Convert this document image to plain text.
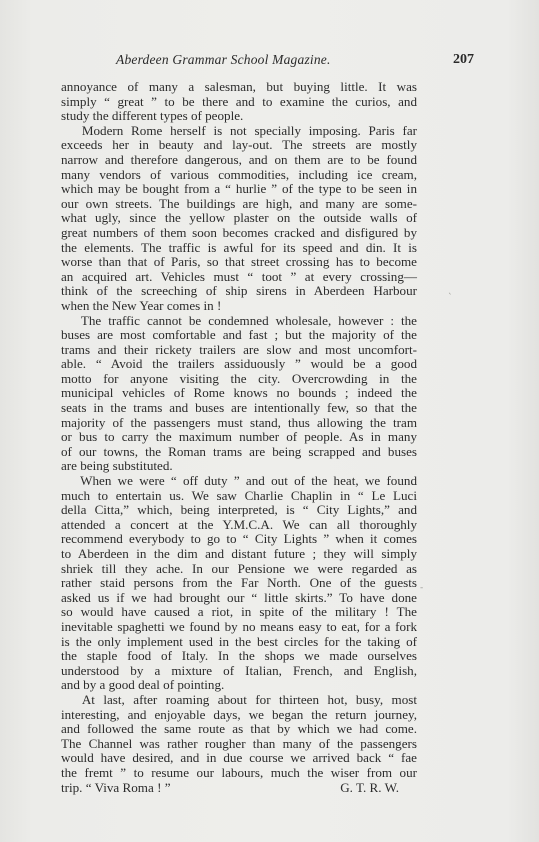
Aberdeen Grammar School Magazine.	207
annoyance of many a salesman, but buying little. It was
simply “ great ” to be there and to examine the curios, and
study the different types of people.
  Modern Rome herself is not specially imposing. Paris far
exceeds her in beauty and lay-out. The streets are mostly
narrow and therefore dangerous, and on them are to be found
many vendors of various commodities, including ice cream,
which may be bought from a “ hurlie ” of the type to be seen in
our own streets. The buildings are high, and many are some-
what ugly, since the yellow plaster on the outside walls of
great numbers of them soon becomes cracked and disfigured by
the elements. The traffic is awful for its speed and din. It is
worse than that of Paris, so that street crossing has to become
an acquired art. Vehicles must “ toot ” at every crossing—
think of the screeching of ship sirens in Aberdeen Harbour
when the New Year comes in !
  The traffic cannot be condemned wholesale, however : the
buses are most comfortable and fast ; but the majority of the
trams and their rickety trailers are slow and most uncomfort-
able. “ Avoid the trailers assiduously ” would be a good
motto for anyone visiting the city. Overcrowding in the
municipal vehicles of Rome knows no bounds ; indeed the
seats in the trams and buses are intentionally few, so that the
majority of the passengers must stand, thus allowing the tram
or bus to carry the maximum number of people. As in many
of our towns, the Roman trams are being scrapped and buses
are being substituted.
  When we were “ off duty ” and out of the heat, we found
much to entertain us. We saw Charlie Chaplin in “ Le Luci
della Citta,” which, being interpreted, is “ City Lights,” and
attended a concert at the Y.M.C.A. We can all thoroughly
recommend everybody to go to “ City Lights ” when it comes
to Aberdeen in the dim and distant future ; they will simply
shriek till they ache. In our Pensione we were regarded as
rather staid persons from the Far North. One of the guests
asked us if we had brought our “ little skirts.” To have done
so would have caused a riot, in spite of the military ! The
inevitable spaghetti we found by no means easy to eat, for a fork
is the only implement used in the best circles for the taking of
the staple food of Italy. In the shops we made ourselves
understood by a mixture of Italian, French, and English,
and by a good deal of pointing.
  At last, after roaming about for thirteen hot, busy, most
interesting, and enjoyable days, we began the return journey,
and followed the same route as that by which we had come.
The Channel was rather rougher than many of the passengers
would have desired, and in due course we arrived back “ fae
the fremt ” to resume our labours, much the wiser from our
trip. “ Viva Roma ! ”	G. T. R. W.
`
-
